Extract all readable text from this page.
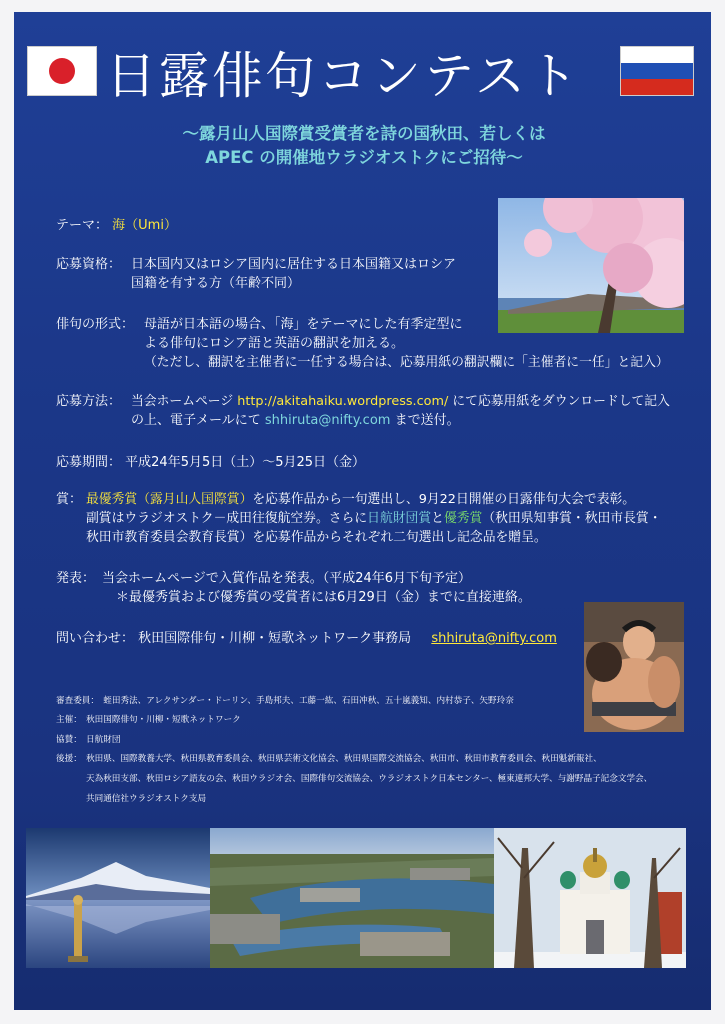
日露俳句コンテスト
〜露月山人国際賞受賞者を詩の国秋田、若しくは
APEC の開催地ウラジオストクにご招待〜
テーマ： 海（Umi）
応募資格： 日本国内又はロシア国内に居住する日本国籍又はロシア
国籍を有する方（年齢不同）
俳句の形式： 母語が日本語の場合、「海」をテーマにした有季定型に
よる俳句にロシア語と英語の翻訳を加える。
（ただし、翻訳を主催者に一任する場合は、応募用紙の翻訳欄に「主催者に一任」と記入）
応募方法： 当会ホームページ http://akitahaiku.wordpress.com/ にて応募用紙をダウンロードして記入
の上、電子メールにて shhiruta@nifty.com まで送付。
応募期間： 平成24年5月5日（土）〜5月25日（金）
賞： 最優秀賞（露月山人国際賞）を応募作品から一句選出し、9月22日開催の日露俳句大会で表彰。
副賞はウラジオストク－成田往復航空券。さらに日航財団賞と優秀賞（秋田県知事賞・秋田市長賞・
秋田市教育委員会教育長賞）を応募作品からそれぞれ二句選出し記念品を贈呈。
発表： 当会ホームページで入賞作品を発表。（平成24年6月下旬予定）
＊最優秀賞および優秀賞の受賞者には6月29日（金）までに直接連絡。
問い合わせ： 秋田国際俳句・川柳・短歌ネットワーク事務局 shhiruta@nifty.com
審査委員：　蛭田秀法、アレクサンダー・ドーリン、手島邦夫、工藤一紘、石田冲秋、五十嵐義知、内村恭子、矢野玲奈
主催：　秋田国際俳句・川柳・短歌ネットワーク
協賛：　日航財団
後援：　秋田県、国際教養大学、秋田県教育委員会、秋田県芸術文化協会、秋田県国際交流協会、秋田市、秋田市教育委員会、秋田魁新報社、
天為秋田支部、秋田ロシア語友の会、秋田ウラジオ会、国際俳句交流協会、ウラジオストク日本センター、極東連邦大学、与謝野晶子記念文学会、
共同通信社ウラジオストク支局
